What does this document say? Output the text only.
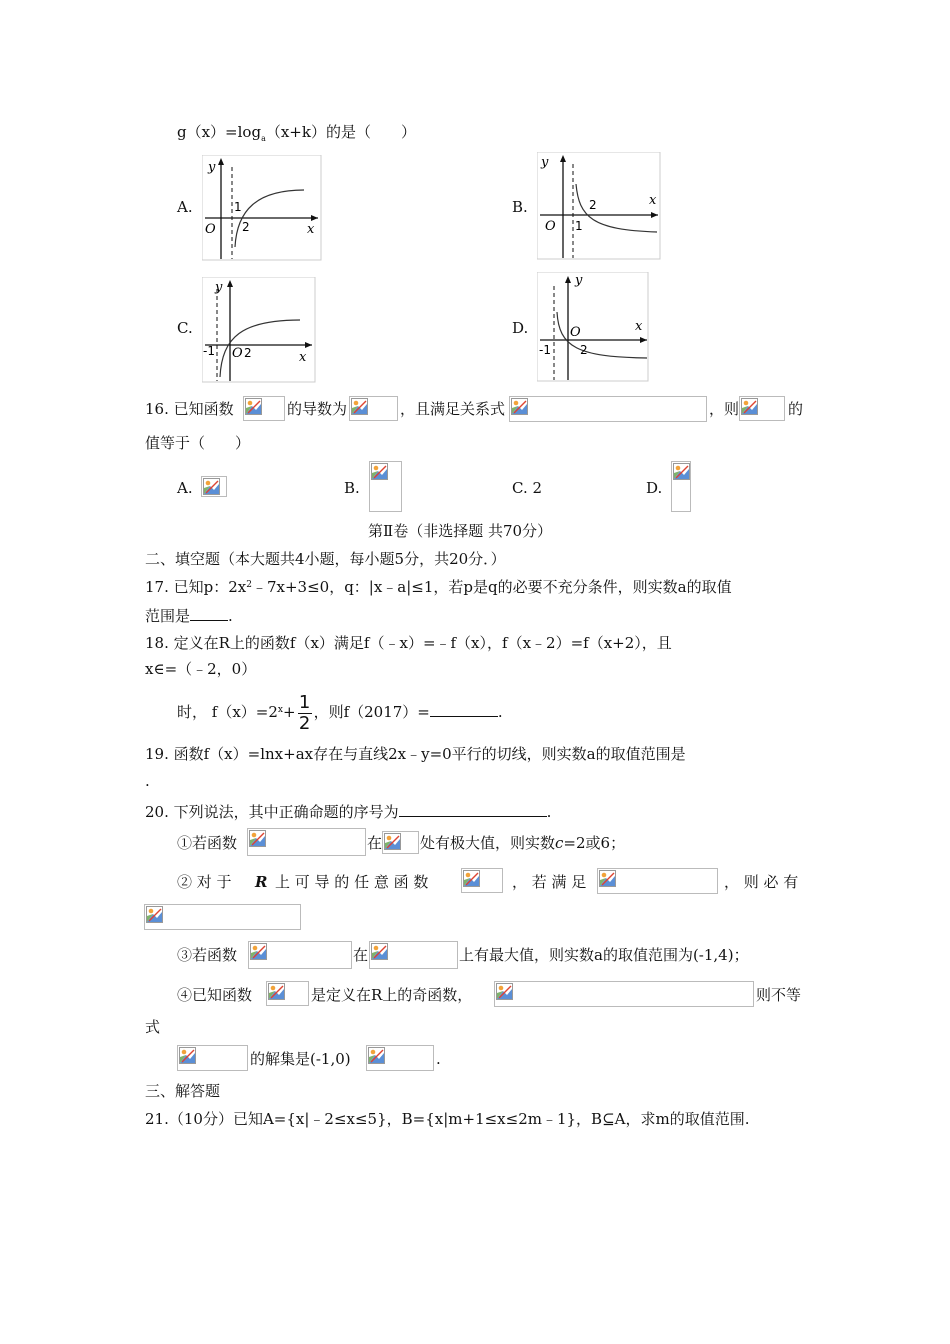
$g(x)=\log_a(x+k)$的是（　　）
A.
y
x
O
1
2
B.
y
x
O 1
2
C.
y
x
-1 O 2
D.
y
x
-1
O
2
16. 已知函数	的导数为	，且满足关系式	，则	的
值等于（　　）
A.	B.	C. 2	D.
第Ⅱ卷（非选择题 共70分）
二、填空题（本大题共4小题，每小题5分，共20分．）
17. 已知p：$2x^2﹣7x+3\le 0$，q：|x﹣a|≤1，若p是q的必要不充分条件，则实数a的取值
范围是	.
18. 定义在R上的函数f（x）满足f（﹣x）=﹣f（x），f（x﹣2）=f（x+2），且
x∈=（﹣2，0）
时， $f(x)=2^x+ \frac{1}{2}$ ，则f（2017）=	.
19. 函数f（x）=lnx+ax存在与直线2x﹣y=0平行的切线，则实数a的取值范围是
.
20. 下列说法，其中正确命题的序号为	.
①若函数	在	处有极大值，则实数c=2或6；
② 对 于 R 上 可 导 的 任 意 函 数	， 若 满 足	， 则 必 有
③若函数	在	上有最大值，则实数a的取值范围为(-1,4)；
④已知函数	是定义在R上的奇函数，	则不等
式
的解集是(-1,0)	.
三、解答题
21.（10分）已知A={x|﹣2≤x≤5}，B={x|m+1≤x≤2m﹣1}，B⊆A，求m的取值范围.
